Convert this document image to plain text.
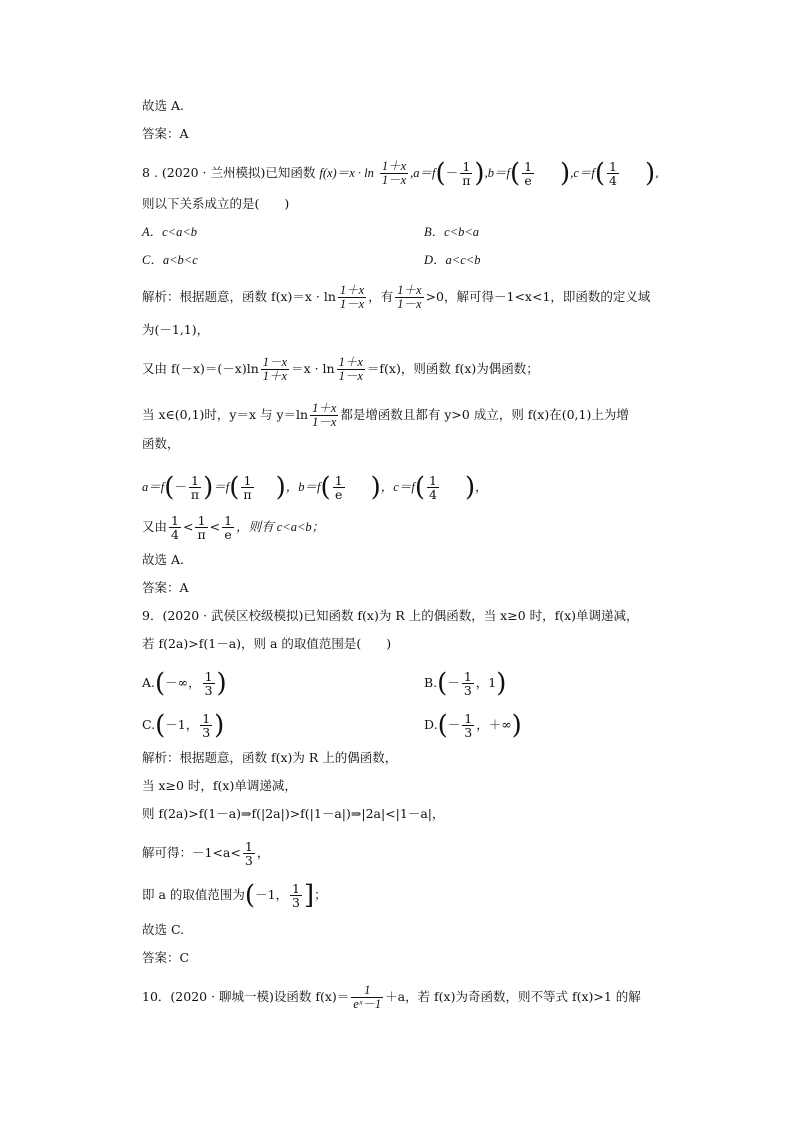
故选 A.
答案：A
8 . (2020 · 兰州模拟)已知函数 $f(x)=x \cdot \ln \frac{1+x}{1-x} ,a=f(- \frac{1}{\pi} ),b=f( \frac{1}{e} ),c=f( \frac{1}{4}$ ),
则以下关系成立的是(　　)
A．c<a<b	B．c<b<a
C．a<b<c	D．a<c<b
解析：根据题意，函数 $f(x)=x \cdot \ln \frac{1+x}{1-x}$ ，有 $\frac{1+x}{1-x} >0$，解可得－1<x<1，即函数的定义域
为(－1,1)，
又由 $f(-x)=(-x)\ln \frac{1-x}{1+x} =x \cdot \ln \frac{1+x}{1-x} =f(x)$，则函数 f(x)为偶函数；
当 x∈(0,1)时，y＝x 与 $y=\ln \frac{1+x}{1-x}$ 都是增函数且都有 y>0 成立，则 f(x)在(0,1)上为增
函数，
$a=f(- \frac{1}{\pi} )=f( \frac{1}{\pi}$ )，$b=f( \frac{1}{e}$ )，$c=f( \frac{1}{4}$ )，
又由 $\frac{1}{4} < \frac{1}{\pi} < \frac{1}{e}$ ，则有 c<a<b；
故选 A.
答案：A
9．(2020 · 武侯区校级模拟)已知函数 f(x)为 R 上的偶函数，当 x≥0 时，f(x)单调递减，
若 f(2a)>f(1－a)，则 a 的取值范围是(　　)
A.(－∞， $\frac{1}{3}$ )	$B.(- \frac{1}{3}$ ，1)
C.(－1， $\frac{1}{3}$ )	$D.(- \frac{1}{3}$ ，＋∞)
解析：根据题意，函数 f(x)为 R 上的偶函数，
当 x≥0 时，f(x)单调递减，
则 f(2a)>f(1－a)⇒f(|2a|)>f(|1－a|)⇒|2a|<|1－a|，
解可得：$-1<a< \frac{1}{3}$ ，
即 a 的取值范围为(－1， $\frac{1}{3}$ ]；
故选 C.
答案：C
10．(2020 · 聊城一模)设函数 $f(x)= \frac{1}{\text{eˣ－1}} +a$，若 f(x)为奇函数，则不等式 f(x)>1 的解
